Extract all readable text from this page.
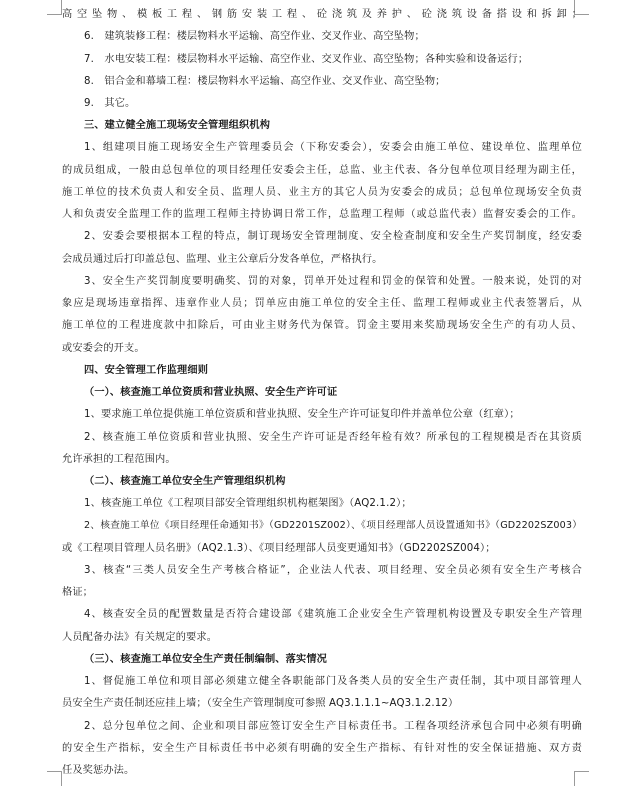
高空坠物、模板工程、钢筋安装工程、砼浇筑及养护、砼浇筑设备搭设和拆卸；
6.　建筑装修工程：楼层物料水平运输、高空作业、交叉作业、高空坠物；
7.　水电安装工程：楼层物料水平运输、高空作业、交叉作业、高空坠物；各种实验和设备运行；
8.　铝合金和幕墙工程：楼层物料水平运输、高空作业、交叉作业、高空坠物；
9.　其它。
三、建立健全施工现场安全管理组织机构
1、组建项目施工现场安全生产管理委员会（下称安委会），安委会由施工单位、建设单位、监理单位
的成员组成，一般由总包单位的项目经理任安委会主任，总监、业主代表、各分包单位项目经理为副主任，
施工单位的技术负责人和安全员、监理人员、业主方的其它人员为安委会的成员；总包单位现场安全负责
人和负责安全监理工作的监理工程师主持协调日常工作，总监理工程师（或总监代表）监督安委会的工作。
2、安委会要根据本工程的特点，制订现场安全管理制度、安全检查制度和安全生产奖罚制度，经安委
会成员通过后打印盖总包、监理、业主公章后分发各单位，严格执行。
3、安全生产奖罚制度要明确奖、罚的对象，罚单开处过程和罚金的保管和处置。一般来说，处罚的对
象应是现场违章指挥、违章作业人员；罚单应由施工单位的安全主任、监理工程师或业主代表签署后，从
施工单位的工程进度款中扣除后，可由业主财务代为保管。罚金主要用来奖励现场安全生产的有功人员、
或安委会的开支。
四、安全管理工作监理细则
（一）、核查施工单位资质和营业执照、安全生产许可证
1、要求施工单位提供施工单位资质和营业执照、安全生产许可证复印件并盖单位公章（红章）；
2、核查施工单位资质和营业执照、安全生产许可证是否经年检有效？所承包的工程规模是否在其资质
允许承担的工程范围内。
（二）、核查施工单位安全生产管理组织机构
1、核查施工单位《工程项目部安全管理组织机构框架图》（AQ2.1.2）；
2、核查施工单位《项目经理任命通知书》（GD2201SZ002）、《项目经理部人员设置通知书》（GD2202SZ003）
或《工程项目管理人员名册》（AQ2.1.3）、《项目经理部人员变更通知书》（GD2202SZ004）；
3、核查“三类人员安全生产考核合格证”，企业法人代表、项目经理、安全员必须有安全生产考核合
格证；
4、核查安全员的配置数量是否符合建设部《建筑施工企业安全生产管理机构设置及专职安全生产管理
人员配备办法》有关规定的要求。
（三）、核查施工单位安全生产责任制编制、落实情况
1、督促施工单位和项目部必须建立健全各职能部门及各类人员的安全生产责任制，其中项目部管理人
员安全生产责任制还应挂上墙；（安全生产管理制度可参照 AQ3.1.1.1~AQ3.1.2.12）
2、总分包单位之间、企业和项目部应签订安全生产目标责任书。工程各项经济承包合同中必须有明确
的安全生产指标，安全生产目标责任书中必须有明确的安全生产指标、有针对性的安全保证措施、双方责
任及奖惩办法。
